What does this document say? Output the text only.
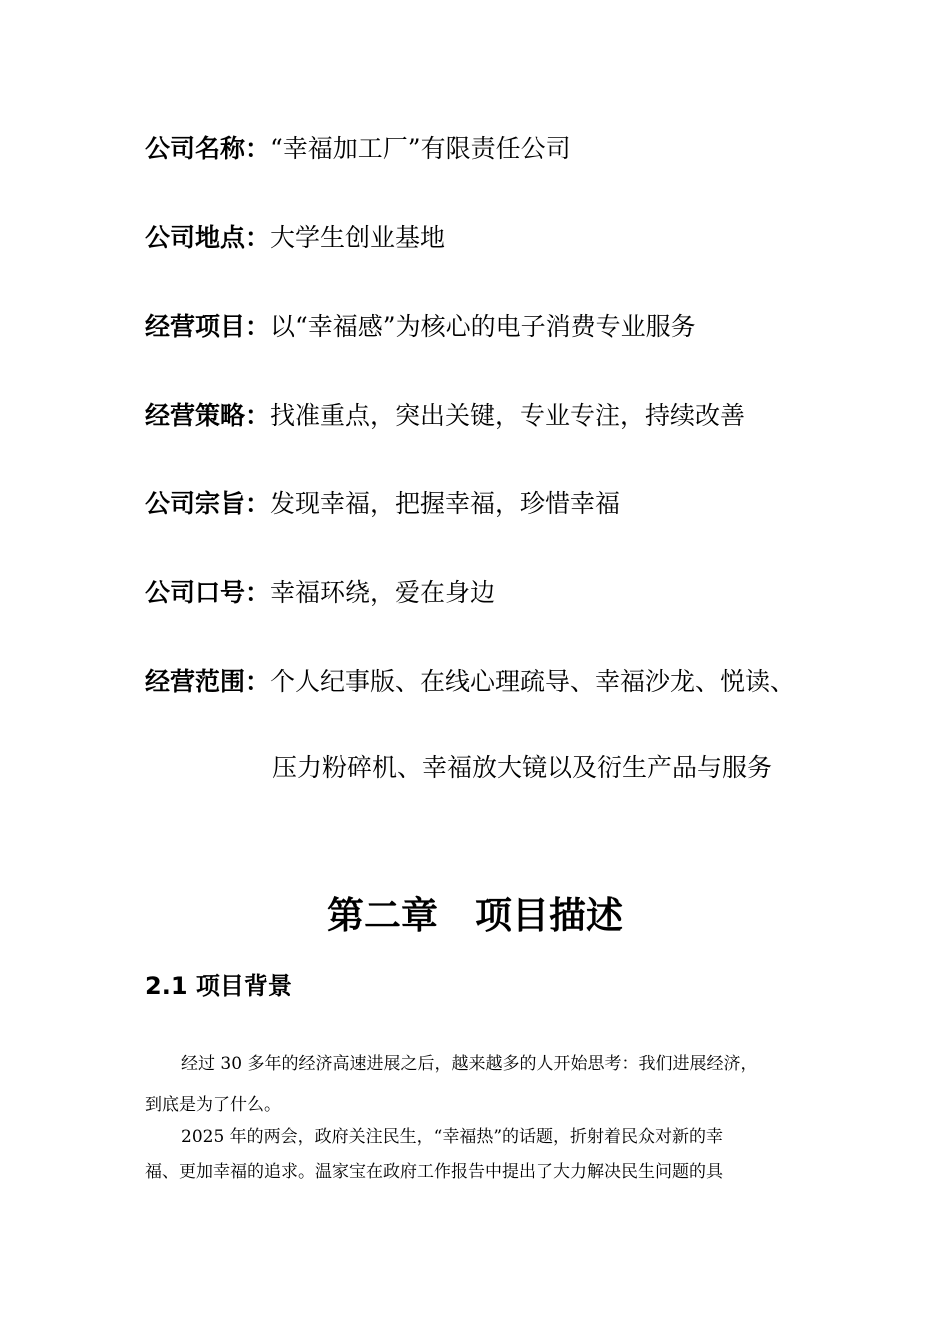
公司名称：“幸福加工厂”有限责任公司
公司地点：大学生创业基地
经营项目：以“幸福感”为核心的电子消费专业服务
经营策略：找准重点，突出关键，专业专注，持续改善
公司宗旨：发现幸福，把握幸福，珍惜幸福
公司口号：幸福环绕，爱在身边
经营范围：个人纪事版、在线心理疏导、幸福沙龙、悦读、
压力粉碎机、幸福放大镜以及衍生产品与服务
第二章　项目描述
2.1 项目背景
经过 30 多年的经济高速进展之后，越来越多的人开始思考：我们进展经济，
到底是为了什么。
2025 年的两会，政府关注民生，“幸福热”的话题，折射着民众对新的幸
福、更加幸福的追求。温家宝在政府工作报告中提出了大力解决民生问题的具
